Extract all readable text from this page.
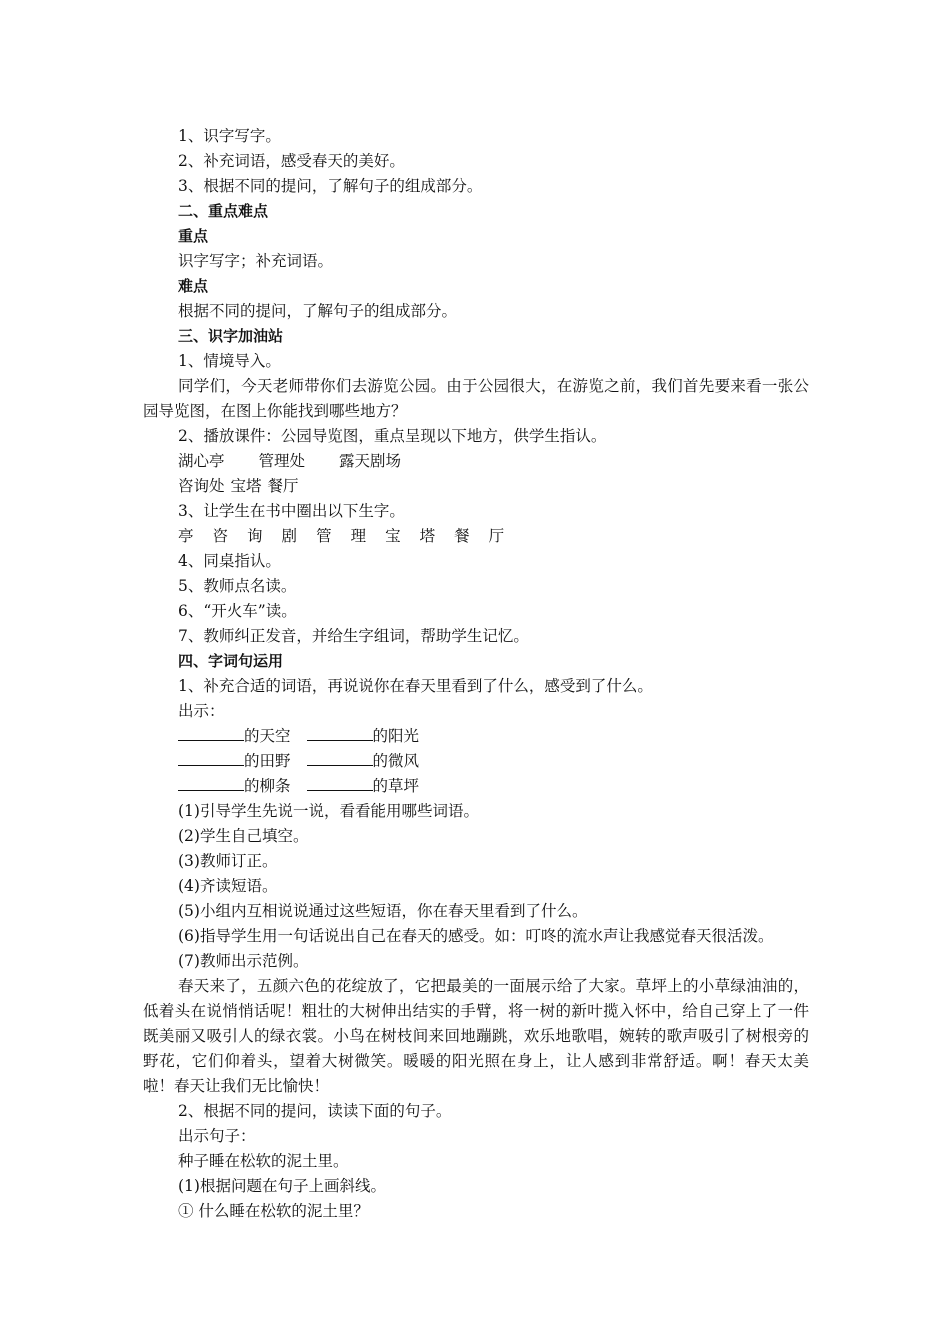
1、识字写字。
2、补充词语，感受春天的美好。
3、根据不同的提问，了解句子的组成部分。
二、重点难点
重点
识字写字；补充词语。
难点
根据不同的提问，了解句子的组成部分。
三、识字加油站
1、情境导入。
同学们，今天老师带你们去游览公园。由于公园很大，在游览之前，我们首先要来看一张公园导览图，在图上你能找到哪些地方？
2、播放课件：公园导览图，重点呈现以下地方，供学生指认。
湖心亭 管理处 露天剧场
咨询处 宝塔 餐厅
3、让学生在书中圈出以下生字。
亭 咨 询 剧 管 理 宝 塔 餐 厅
4、同桌指认。
5、教师点名读。
6、“开火车”读。
7、教师纠正发音，并给生字组词，帮助学生记忆。
四、字词句运用
1、补充合适的词语，再说说你在春天里看到了什么，感受到了什么。
出示：
的天空	的阳光
的田野	的微风
的柳条	的草坪
(1)引导学生先说一说，看看能用哪些词语。
(2)学生自己填空。
(3)教师订正。
(4)齐读短语。
(5)小组内互相说说通过这些短语，你在春天里看到了什么。
(6)指导学生用一句话说出自己在春天的感受。如：叮咚的流水声让我感觉春天很活泼。
(7)教师出示范例。
春天来了，五颜六色的花绽放了，它把最美的一面展示给了大家。草坪上的小草绿油油的，低着头在说悄悄话呢！粗壮的大树伸出结实的手臂，将一树的新叶揽入怀中，给自己穿上了一件既美丽又吸引人的绿衣裳。小鸟在树枝间来回地蹦跳，欢乐地歌唱，婉转的歌声吸引了树根旁的野花，它们仰着头，望着大树微笑。暖暖的阳光照在身上，让人感到非常舒适。啊！春天太美啦！春天让我们无比愉快！
2、根据不同的提问，读读下面的句子。
出示句子：
种子睡在松软的泥土里。
(1)根据问题在句子上画斜线。
① 什么睡在松软的泥土里？
